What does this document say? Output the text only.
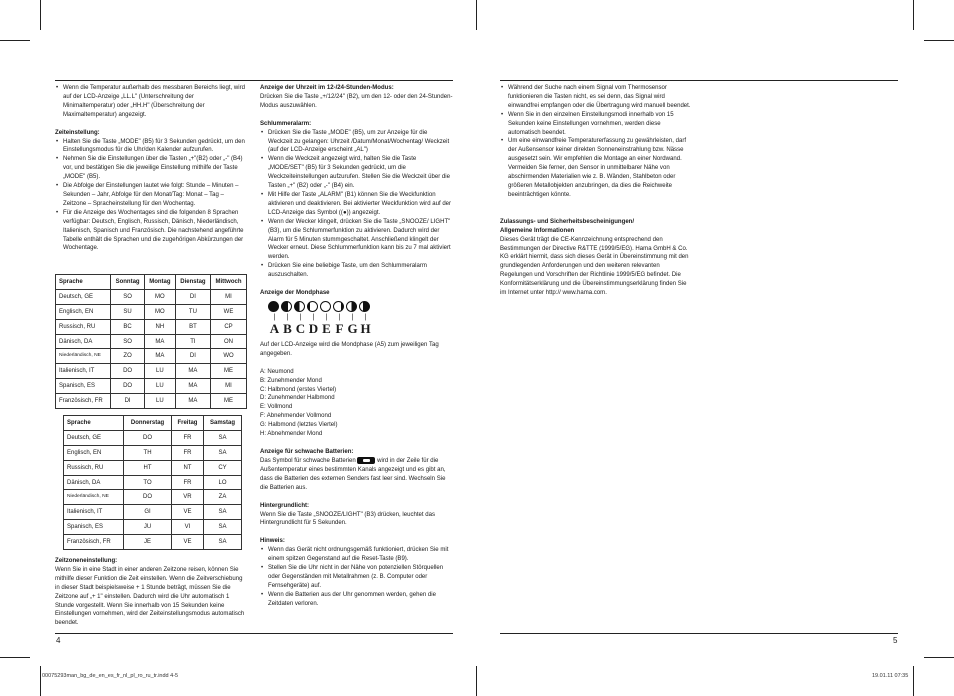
• Wenn die Temperatur außerhalb des messbaren Bereichs liegt, wird auf der LCD-Anzeige „LL.L" (Unterschreitung der Minimaltemperatur) oder „HH.H" (Überschreitung der Maximaltemperatur) angezeigt.

Zeiteinstellung:

• Halten Sie die Taste „MODE" (B5) für 3 Sekunden gedrückt, um den Einstellungsmodus für die Uhr/den Kalender aufzurufen.
• Nehmen Sie die Einstellungen über die Tasten „+"(B2) oder „-" (B4) vor, und bestätigen Sie die jeweilige Einstellung mithilfe der Taste „MODE" (B5).
• Die Abfolge der Einstellungen lautet wie folgt: Stunde – Minuten – Sekunden – Jahr, Abfolge für den Monat/Tag: Monat – Tag – Zeitzone – Spracheinstellung für den Wochentag.
• Für die Anzeige des Wochentages sind die folgenden 8 Sprachen verfügbar: Deutsch, Englisch, Russisch, Dänisch, Niederländisch, Italienisch, Spanisch und Französisch. Die nachstehend angeführte Tabelle enthält die Sprachen und die zugehörigen Abkürzungen der Wochentage.
Sprache	Sonntag	Montag	Dienstag	Mittwoch
Deutsch, GE	SO	MO	DI	MI
Englisch, EN	SU	MO	TU	WE
Russisch, RU	BC	NH	BT	CP
Dänisch, DA	SO	MA	TI	ON
Niederländisch, NE	ZO	MA	DI	WO
Italienisch, IT	DO	LU	MA	ME
Spanisch, ES	DO	LU	MA	MI
Französisch, FR	DI	LU	MA	ME
Sprache	Donnerstag	Freitag	Samstag
Deutsch, GE	DO	FR	SA
Englisch, EN	TH	FR	SA
Russisch, RU	HT	NT	CY
Dänisch, DA	TO	FR	LO
Niederländisch, NE	DO	VR	ZA
Italienisch, IT	GI	VE	SA
Spanisch, ES	JU	VI	SA
Französisch, FR	JE	VE	SA

Zeitzoneneinstellung:

Wenn Sie in eine Stadt in einer anderen Zeitzone reisen, können Sie mithilfe dieser Funktion die Zeit einstellen. Wenn die Zeitverschiebung in dieser Stadt beispielsweise + 1 Stunde beträgt, müssen Sie die Zeitzone auf „+ 1" einstellen. Dadurch wird die Uhr automatisch 1 Stunde vorgestellt. Wenn Sie innerhalb von 15 Sekunden keine Einstellungen vornehmen, wird der Zeiteinstellungsmodus automatisch beendet.

Anzeige der Uhrzeit im 12-/24-Stunden-Modus:

Drücken Sie die Taste „+/12/24" (B2), um den 12- oder den 24-Stunden-Modus auszuwählen.

Schlummeralarm:

• Drücken Sie die Taste „MODE" (B5), um zur Anzeige für die Weckzeit zu gelangen: Uhrzeit /Datum/Monat/Wochentag/ Weckzeit (auf der LCD-Anzeige erscheint „AL")
• Wenn die Weckzeit angezeigt wird, halten Sie die Taste „MODE/SET" (B5) für 3 Sekunden gedrückt, um die Weckzeiteinstellungen aufzurufen. Stellen Sie die Weckzeit über die Tasten „+" (B2) oder „-" (B4) ein.
• Mit Hilfe der Taste „ALARM" (B1) können Sie die Weckfunktion aktivieren und deaktivieren. Bei aktivierter Weckfunktion wird auf der LCD-Anzeige das Symbol ((●)) angezeigt.
• Wenn der Wecker klingelt, drücken Sie die Taste „SNOOZE/ LIGHT" (B3), um die Schlummerfunktion zu aktivieren. Dadurch wird der Alarm für 5 Minuten stummgeschaltet. Anschließend klingelt der Wecker erneut. Diese Schlummerfunktion kann bis zu 7 mal aktiviert werden.
• Drücken Sie eine beliebige Taste, um den Schlummeralarm auszuschalten.

Anzeige der Mondphase

|	|	|	|	|	|	|	|
A B C D E F G H

Auf der LCD-Anzeige wird die Mondphase (A5) zum jeweiligen Tag angegeben.

A: Neumond

B: Zunehmender Mond

C: Halbmond (erstes Viertel)

D: Zunehmender Halbmond

E: Vollmond

F: Abnehmender Vollmond

G: Halbmond (letztes Viertel)

H: Abnehmender Mond

Anzeige für schwache Batterien:

Das Symbol für schwache Batterien	wird in der Zeile für die Außentemperatur eines bestimmten Kanals angezeigt und es gibt an, dass die Batterien des externen Senders fast leer sind. Wechseln Sie die Batterien aus.

Hintergrundlicht:

Wenn Sie die Taste „SNOOZE/LIGHT" (B3) drücken, leuchtet das Hintergrundlicht für 5 Sekunden.

Hinweis:

• Wenn das Gerät nicht ordnungsgemäß funktioniert, drücken Sie mit einem spitzen Gegenstand auf die Reset-Taste (B9).
• Stellen Sie die Uhr nicht in der Nähe von potenziellen Störquellen oder Gegenständen mit Metallrahmen (z. B. Computer oder Fernsehgeräte) auf.
• Wenn die Batterien aus der Uhr genommen werden, gehen die Zeitdaten verloren.
• Während der Suche nach einem Signal vom Thermosensor funktionieren die Tasten nicht, es sei denn, das Signal wird einwandfrei empfangen oder die Übertragung wird manuell beendet.
• Wenn Sie in den einzelnen Einstellungsmodi innerhalb von 15 Sekunden keine Einstellungen vornehmen, werden diese automatisch beendet.
• Um eine einwandfreie Temperaturerfassung zu gewährleisten, darf der Außensensor keiner direkten Sonneneinstrahlung bzw. Nässe ausgesetzt sein. Wir empfehlen die Montage an einer Nordwand. Vermeiden Sie ferner, den Sensor in unmittelbarer Nähe von abschirmenden Materialien wie z. B. Wänden, Stahlbeton oder größeren Metallobjekten anzubringen, da dies die Reichweite beeinträchtigen könnte.

Zulassungs- und Sicherheitsbescheinigungen/

Allgemeine Informationen

Dieses Gerät trägt die CE-Kennzeichnung entsprechend den Bestimmungen der Directive R&TTE (1999/5/EG). Hama GmbH & Co. KG erklärt hiermit, dass sich dieses Gerät in Übereinstimmung mit den grundlegenden Anforderungen und den weiteren relevanten Regelungen und Vorschriften der Richtlinie 1999/5/EG befindet. Die Konformitätserklärung und die Übereinstimmungserklärung finden Sie im Internet unter http:// www.hama.com.

4	5
00075293man_bg_de_en_es_fr_nl_pl_ro_ru_tr.indd 4-5	19.01.11 07:35
